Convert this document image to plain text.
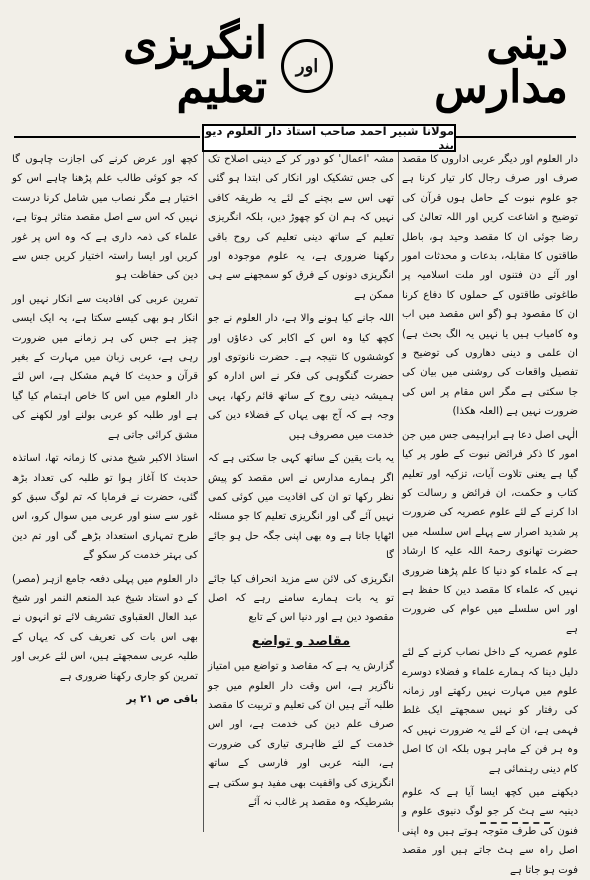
دینی مدارس
اور
انگریزی تعلیم
مولانا شبیر احمد صاحب استاذ دار العلوم دیو بند

دار العلوم اور دیگر عربی اداروں کا مقصد صرف اور صرف رجال کار تیار کرنا ہے جو علوم نبوت کے حامل ہوں قرآن کی توضیح و اشاعت کریں اور اللہ تعالیٰ کی رضا جوئی ان کا مقصد وحید ہو، باطل طاقتوں کا مقابلہ، بدعات و محدثات امور اور آئے دن فتنوں اور ملت اسلامیہ پر طاغوتی طاقتوں کے حملوں کا دفاع کرنا ان کا مقصود ہو (گو اس مقصد میں اب وہ کامیاب ہیں یا نہیں یہ الگ بحث ہے) ان علمی و دینی دھاروں کی توضیح و تفصیل واقعات کی روشنی میں بیان کی جا سکتی ہے مگر اس مقام پر اس کی ضرورت نہیں ہے (العلہ ھکذا)

الٰہی اصل دعا ہے ابراہیمی جس میں جن امور کا ذکر فرائض نبوت کے طور پر کیا گیا ہے یعنی تلاوت آیات، تزکیہ اور تعلیم کتاب و حکمت، ان فرائض و رسالت کو ادا کرنے کے لئے علوم عصریہ کی ضرورت پر شدید اصرار سے پہلے اس سلسلہ میں حضرت تھانوی رحمۃ اللہ علیہ کا ارشاد ہے کہ علماء کو دنیا کا علم پڑھنا ضروری نہیں کہ علماء کا مقصد دین کا حفظ ہے اور اس سلسلے میں عوام کی ضرورت ہے

علوم عصریہ کے داخل نصاب کرنے کے لئے دلیل دینا کہ ہمارے علماء و فضلاء دوسرے علوم میں مہارت نہیں رکھتے اور زمانہ کی رفتار کو نہیں سمجھتے ایک غلط فہمی ہے، ان کے لئے یہ ضرورت نہیں کہ وہ ہر فن کے ماہر ہوں بلکہ ان کا اصل کام دینی رہنمائی ہے

دیکھنے میں کچھ ایسا آیا ہے کہ علوم دینیہ سے ہٹ کر جو لوگ دنیوی علوم و فنون کی طرف متوجہ ہوتے ہیں وہ اپنی اصل راہ سے ہٹ جاتے ہیں اور مقصد فوت ہو جاتا ہے

مشہ 'اعمال' کو دور کر کے دینی اصلاح تک کی جس تشکیک اور انکار کی ابتدا ہو گئی تھی اس سے بچنے کے لئے یہ طریقہ کافی نہیں کہ ہم ان کو چھوڑ دیں، بلکہ انگریزی تعلیم کے ساتھ دینی تعلیم کی روح باقی رکھنا ضروری ہے، یہ علوم موجودہ اور انگریزی دونوں کے فرق کو سمجھنے سے ہی ممکن ہے

اللہ جانے کیا ہونے والا ہے، دار العلوم نے جو کچھ کیا وہ اس کے اکابر کی دعاؤں اور کوششوں کا نتیجہ ہے۔ حضرت نانوتوی اور حضرت گنگوہی کی فکر نے اس ادارہ کو ہمیشہ دینی روح کے ساتھ قائم رکھا، یہی وجہ ہے کہ آج بھی یہاں کے فضلاء دین کی خدمت میں مصروف ہیں

یہ بات یقین کے ساتھ کہی جا سکتی ہے کہ اگر ہمارے مدارس نے اس مقصد کو پیش نظر رکھا تو ان کی افادیت میں کوئی کمی نہیں آئے گی اور انگریزی تعلیم کا جو مسئلہ اٹھایا جاتا ہے وہ بھی اپنی جگہ حل ہو جائے گا

انگریزی کی لائن سے مزید انحراف کیا جائے تو یہ بات ہمارے سامنے رہے کہ اصل مقصود دین ہے اور دنیا اس کے تابع

مقاصد و تواضع

گزارش یہ ہے کہ مقاصد و تواضع میں امتیاز ناگزیر ہے، اس وقت دار العلوم میں جو طلبہ آتے ہیں ان کی تعلیم و تربیت کا مقصد صرف علم دین کی خدمت ہے، اور اس خدمت کے لئے ظاہری تیاری کی ضرورت ہے، البتہ عربی اور فارسی کے ساتھ انگریزی کی واقفیت بھی مفید ہو سکتی ہے بشرطیکہ وہ مقصد پر غالب نہ آئے

کچھ اور عرض کرنے کی اجازت چاہوں گا کہ جو کوئی طالب علم پڑھنا چاہے اس کو اختیار ہے مگر نصاب میں شامل کرنا درست نہیں کہ اس سے اصل مقصد متاثر ہوتا ہے، علماء کی ذمہ داری ہے کہ وہ اس پر غور کریں اور ایسا راستہ اختیار کریں جس سے دین کی حفاظت ہو

تمرین عربی کی افادیت سے انکار نہیں اور انکار ہو بھی کیسے سکتا ہے، یہ ایک ایسی چیز ہے جس کی ہر زمانے میں ضرورت رہی ہے، عربی زبان میں مہارت کے بغیر قرآن و حدیث کا فہم مشکل ہے، اس لئے دار العلوم میں اس کا خاص اہتمام کیا گیا ہے اور طلبہ کو عربی بولنے اور لکھنے کی مشق کرائی جاتی ہے

استاذ الاکبر شیخ مدنی کا زمانہ تھا، اساتذہ حدیث کا آغاز ہوا تو طلبہ کی تعداد بڑھ گئی، حضرت نے فرمایا کہ تم لوگ سبق کو غور سے سنو اور عربی میں سوال کرو، اس طرح تمہاری استعداد بڑھے گی اور تم دین کی بہتر خدمت کر سکو گے

دار العلوم میں پہلی دفعہ جامع ازہر (مصر) کے دو استاد شیخ عبد المنعم النمر اور شیخ عبد العال العقباوی تشریف لائے تو انہوں نے بھی اس بات کی تعریف کی کہ یہاں کے طلبہ عربی سمجھتے ہیں، اس لئے عربی اور تمرین کو جاری رکھنا ضروری ہے

باقی ص ۲۱ پر
